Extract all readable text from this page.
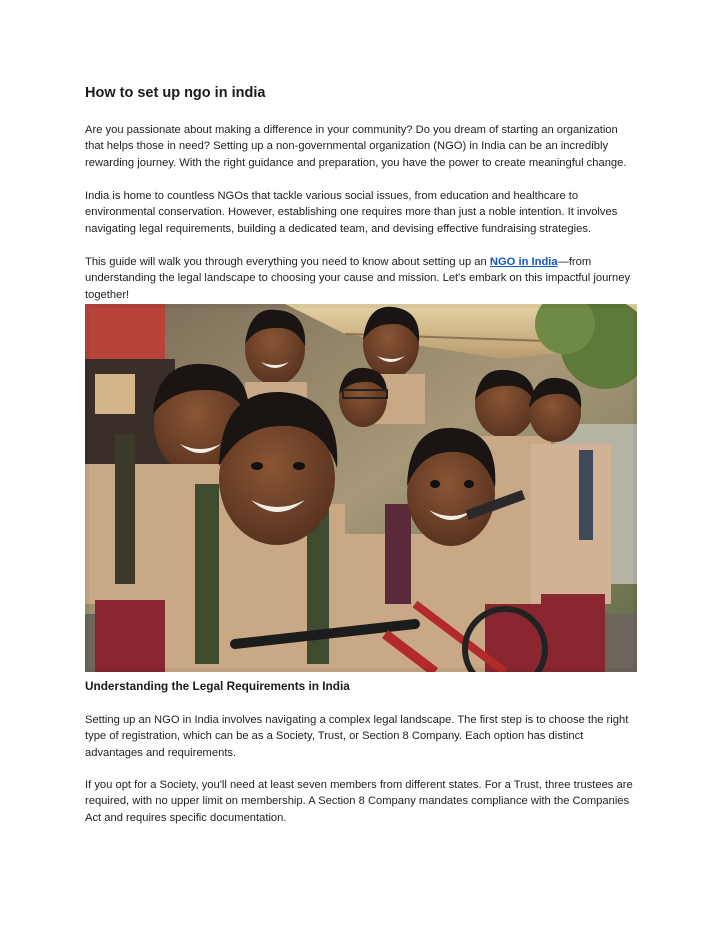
How to set up ngo in india

Are you passionate about making a difference in your community? Do you dream of starting an organization that helps those in need? Setting up a non-governmental organization (NGO) in India can be an incredibly rewarding journey. With the right guidance and preparation, you have the power to create meaningful change.

India is home to countless NGOs that tackle various social issues, from education and healthcare to environmental conservation. However, establishing one requires more than just a noble intention. It involves navigating legal requirements, building a dedicated team, and devising effective fundraising strategies.

This guide will walk you through everything you need to know about setting up an NGO in India—from understanding the legal landscape to choosing your cause and mission. Let's embark on this impactful journey together!

Understanding the Legal Requirements in India

Setting up an NGO in India involves navigating a complex legal landscape. The first step is to choose the right type of registration, which can be as a Society, Trust, or Section 8 Company. Each option has distinct advantages and requirements.

If you opt for a Society, you'll need at least seven members from different states. For a Trust, three trustees are required, with no upper limit on membership. A Section 8 Company mandates compliance with the Companies Act and requires specific documentation.
